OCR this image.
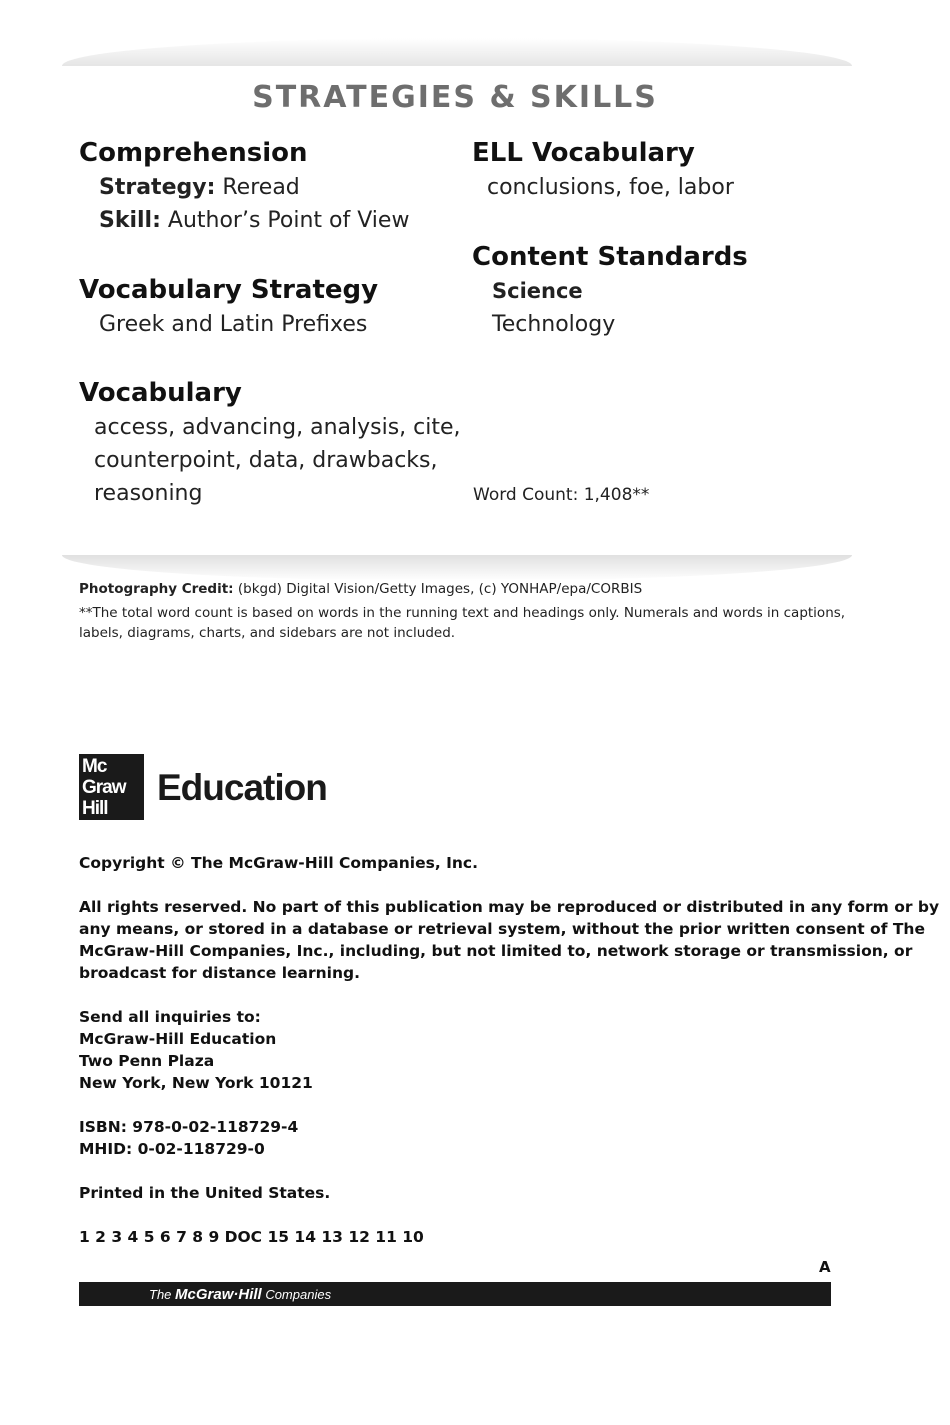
STRATEGIES & SKILLS
Comprehension
Strategy: Reread
Skill: Author’s Point of View
Vocabulary Strategy
Greek and Latin Prefixes
Vocabulary
access, advancing, analysis, cite,
counterpoint, data, drawbacks,
reasoning
ELL Vocabulary
conclusions, foe, labor
Content Standards
Science
Technology
Word Count: 1,408**
Photography Credit: (bkgd) Digital Vision/Getty Images, (c) YONHAP/epa/CORBIS
**The total word count is based on words in the running text and headings only. Numerals and words in captions,
labels, diagrams, charts, and sidebars are not included.
Mc
Graw
Hill
Education
Copyright © The McGraw-Hill Companies, Inc.
All rights reserved. No part of this publication may be reproduced or distributed in any form or by
any means, or stored in a database or retrieval system, without the prior written consent of The
McGraw-Hill Companies, Inc., including, but not limited to, network storage or transmission, or
broadcast for distance learning.
Send all inquiries to:
McGraw-Hill Education
Two Penn Plaza
New York, New York 10121
ISBN: 978-0-02-118729-4
MHID: 0-02-118729-0
Printed in the United States.
1 2 3 4 5 6 7 8 9 DOC 15 14 13 12 11 10
A
The McGraw·Hill Companies
